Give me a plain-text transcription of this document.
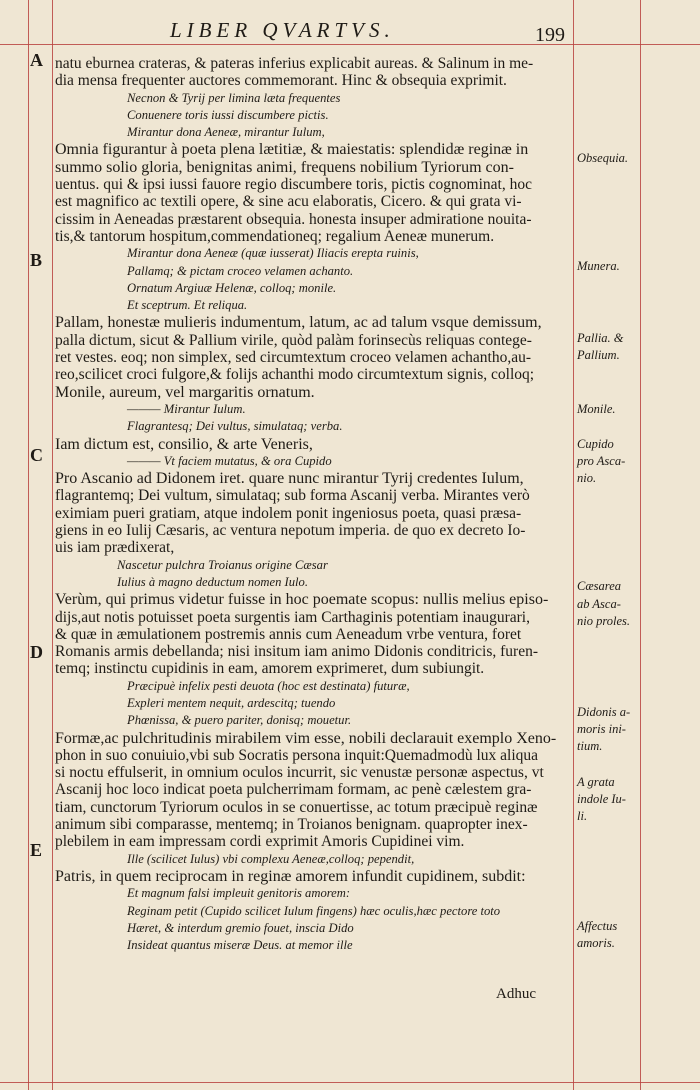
LIBER QVARTVS.	199
A
B
C
D
E
natu eburnea crateras, & pateras inferius explicabit aureas. & Salinum in me-
dia mensa frequenter auctores commemorant. Hinc & obsequia exprimit.
Necnon & Tyrij per limina læta frequentes
Conuenere toris iussi discumbere pictis.
Mirantur dona Aeneæ, mirantur Iulum,
Omnia figurantur à poeta plena lætitiæ, & maiestatis: splendidæ reginæ in
summo solio gloria, benignitas animi, frequens nobilium Tyriorum con-
uentus. qui & ipsi iussi fauore regio discumbere toris, pictis cognominat, hoc
est magnifico ac textili opere, & sine acu elaboratis, Cicero. & qui grata vi-
cissim in Aeneadas præstarent obsequia. honesta insuper admiratione nouita-
tis,& tantorum hospitum,commendationeq; regalium Aeneæ munerum.
Mirantur dona Aeneæ (quæ iusserat) Iliacis erepta ruinis,
Pallamq; & pictam croceo velamen achanto.
Ornatum Argiuæ Helenæ, colloq; monile.
Et sceptrum. Et reliqua.
Pallam, honestæ mulieris indumentum, latum, ac ad talum vsque demissum,
palla dictum, sicut & Pallium virile, quòd palàm forinsecùs reliquas contege-
ret vestes. eoq; non simplex, sed circumtextum croceo velamen achantho,au-
reo,scilicet croci fulgore,& folijs achanthi modo circumtextum signis, colloq;
Monile, aureum, vel margaritis ornatum.
——— Mirantur Iulum.
Flagrantesq; Dei vultus, simulataq; verba.
Iam dictum est, consilio, & arte Veneris,
——— Vt faciem mutatus, & ora Cupido
Pro Ascanio ad Didonem iret. quare nunc mirantur Tyrij credentes Iulum,
flagrantemq; Dei vultum, simulataq; sub forma Ascanij verba. Mirantes verò
eximiam pueri gratiam, atque indolem ponit ingeniosus poeta, quasi præsa-
giens in eo Iulij Cæsaris, ac ventura nepotum imperia. de quo ex decreto Io-
uis iam prædixerat,
Nascetur pulchra Troianus origine Cæsar
Iulius à magno deductum nomen Iulo.
Verùm, qui primus videtur fuisse in hoc poemate scopus: nullis melius episo-
dijs,aut notis potuisset poeta surgentis iam Carthaginis potentiam inaugurari,
& quæ in æmulationem postremis annis cum Aeneadum vrbe ventura, foret
Romanis armis debellanda; nisi insitum iam animo Didonis conditricis, furen-
temq; instinctu cupidinis in eam, amorem exprimeret, dum subiungit.
Præcipuè infelix pesti deuota (hoc est destinata) futuræ,
Expleri mentem nequit, ardescitq; tuendo
Phœnissa, & puero pariter, donisq; mouetur.
Formæ,ac pulchritudinis mirabilem vim esse, nobili declarauit exemplo Xeno-
phon in suo conuiuio,vbi sub Socratis persona inquit:Quemadmodù lux aliqua
si noctu effulserit, in omnium oculos incurrit, sic venustæ personæ aspectus, vt
Ascanij hoc loco indicat poeta pulcherrimam formam, ac penè cælestem gra-
tiam, cunctorum Tyriorum oculos in se conuertisse, ac totum præcipuè reginæ
animum sibi comparasse, mentemq; in Troianos benignam. quapropter inex-
plebilem in eam impressam cordi exprimit Amoris Cupidinei vim.
Ille (scilicet Iulus) vbi complexu Aeneæ,colloq; pependit,
Patris, in quem reciprocam in reginæ amorem infundit cupidinem, subdit:
Et magnum falsi impleuit genitoris amorem:
Reginam petit (Cupido scilicet Iulum fingens) hæc oculis,hæc pectore toto
Hæret, & interdum gremio fouet, inscia Dido
Insideat quantus miseræ Deus. at memor ille
Obsequia.
Munera.
Pallia. &
Pallium.
Monile.
Cupido
pro Asca-
nio.
Cæsarea
ab Asca-
nio proles.
Didonis a-
moris ini-
tium.
A grata
indole Iu-
li.
Affectus
amoris.
Adhuc
